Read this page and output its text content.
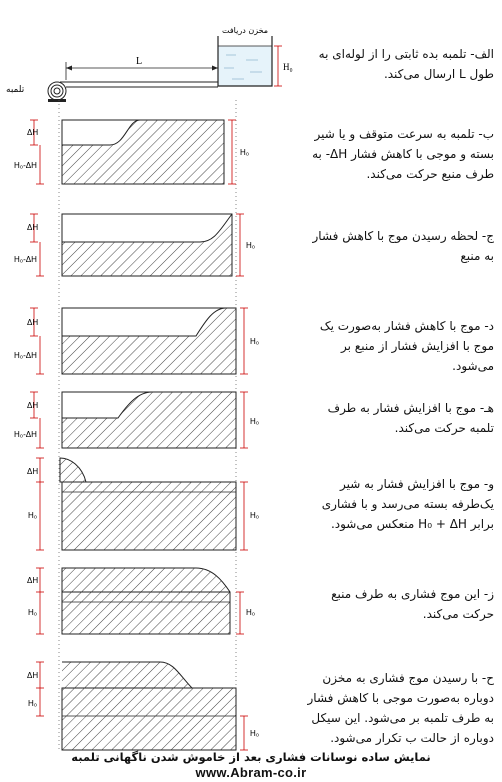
تلمبه
L
مخزن دریافت
H₀
ΔH
H₀-ΔH
H₀
ΔH
H₀-ΔH
H₀
ΔH
H₀-ΔH
H₀
ΔH
H₀-ΔH
H₀
ΔH
H₀	H₀
ΔH
H₀	H₀
ΔH
H₀
H₀
الف- تلمبه بده ثابتی را از لوله‌ای به طول L ارسال می‌کند.
ب- تلمبه به سرعت متوقف و یا شیر بسته و موجی با کاهش فشار ΔH- به طرف منبع حرکت می‌کند.
ج- لحظه رسیدن موج با کاهش فشار به منبع
د- موج با کاهش فشار به‌صورت یک موج با افزایش فشار از منبع بر می‌شود.
هـ- موج با افزایش فشار به طرف تلمبه حرکت می‌کند.
و- موج با افزایش فشار به شیر یک‌طرفه بسته می‌رسد و با فشاری برابر H₀ + ΔH منعکس می‌شود.
ز- این موج فشاری به طرف منبع حرکت می‌کند.
ح- با رسیدن موج فشاری به مخزن دوباره به‌صورت موجی با کاهش فشار به طرف تلمبه بر می‌شود. این سیکل دوباره از حالت ب تکرار می‌شود.
نمایش ساده نوسانات فشاری بعد از خاموش شدن ناگهانی تلمبه
www.Abram-co.ir
